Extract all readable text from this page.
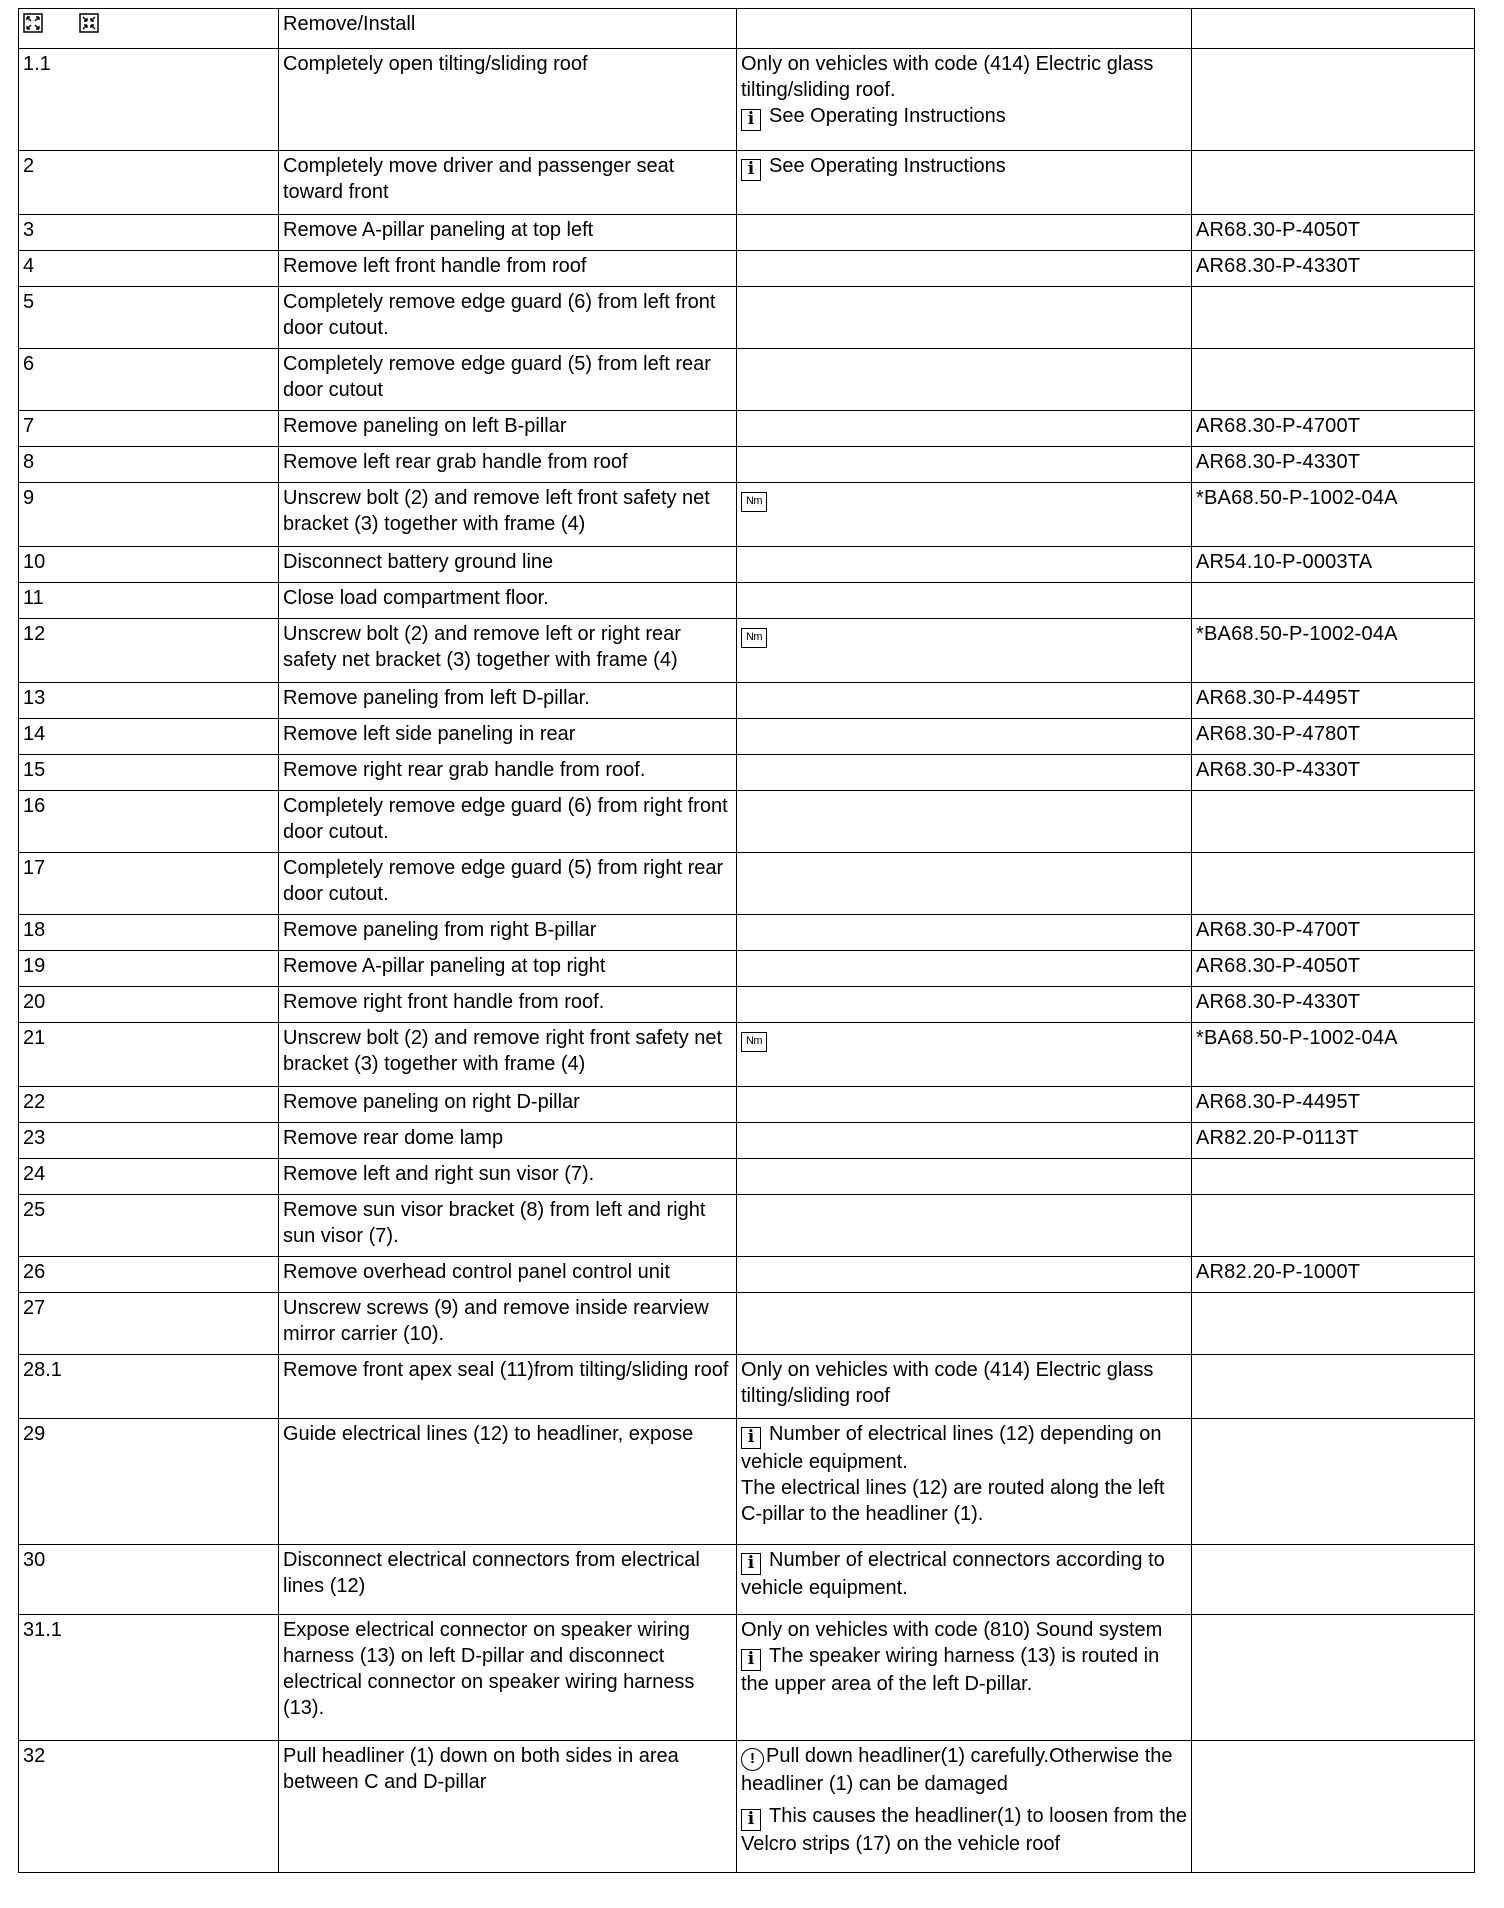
	Remove/Install		
1.1	Completely open tilting/sliding roof	Only on vehicles with code (414) Electric glass tilting/sliding roof.
i See Operating Instructions	

2	Completely move driver and passenger seat toward front	i See Operating Instructions	

3	Remove A-pillar paneling at top left		AR68.30-P-4050T
4	Remove left front handle from roof		AR68.30-P-4330T
5	Completely remove edge guard (6) from left front door cutout.		
6	Completely remove edge guard (5) from left rear door cutout		
7	Remove paneling on left B-pillar		AR68.30-P-4700T
8	Remove left rear grab handle from roof		AR68.30-P-4330T
9	Unscrew bolt (2) and remove left front safety net bracket (3) together with frame (4)	Nm	*BA68.50-P-1002-04A
10	Disconnect battery ground line		AR54.10-P-0003TA
11	Close load compartment floor.		
12	Unscrew bolt (2) and remove left or right rear safety net bracket (3) together with frame (4)	Nm	*BA68.50-P-1002-04A
13	Remove paneling from left D-pillar.		AR68.30-P-4495T
14	Remove left side paneling in rear		AR68.30-P-4780T
15	Remove right rear grab handle from roof.		AR68.30-P-4330T
16	Completely remove edge guard (6) from right front door cutout.		
17	Completely remove edge guard (5) from right rear door cutout.		
18	Remove paneling from right B-pillar		AR68.30-P-4700T
19	Remove A-pillar paneling at top right		AR68.30-P-4050T
20	Remove right front handle from roof.		AR68.30-P-4330T
21	Unscrew bolt (2) and remove right front safety net bracket (3) together with frame (4)	Nm	*BA68.50-P-1002-04A
22	Remove paneling on right D-pillar		AR68.30-P-4495T
23	Remove rear dome lamp		AR82.20-P-0113T
24	Remove left and right sun visor (7).		
25	Remove sun visor bracket (8) from left and right sun visor (7).		
26	Remove overhead control panel control unit		AR82.20-P-1000T
27	Unscrew screws (9) and remove inside rearview mirror carrier (10).		
28.1	Remove front apex seal (11)from tilting/sliding roof	Only on vehicles with code (414) Electric glass tilting/sliding roof	

29	Guide electrical lines (12) to headliner, expose	i Number of electrical lines (12) depending on vehicle equipment.
The electrical lines (12) are routed along the left C-pillar to the headliner (1).	

30	Disconnect electrical connectors from electrical lines (12)	i Number of electrical connectors according to vehicle equipment.	

31.1	Expose electrical connector on speaker wiring harness (13) on left D-pillar and disconnect electrical connector on speaker wiring harness (13).	Only on vehicles with code (810) Sound system
i The speaker wiring harness (13) is routed in the upper area of the left D-pillar.	

32	Pull headliner (1) down on both sides in area between C and D-pillar	! Pull down headliner(1) carefully.Otherwise the headliner (1) can be damaged
i This causes the headliner(1) to loosen from the Velcro strips (17) on the vehicle roof	
